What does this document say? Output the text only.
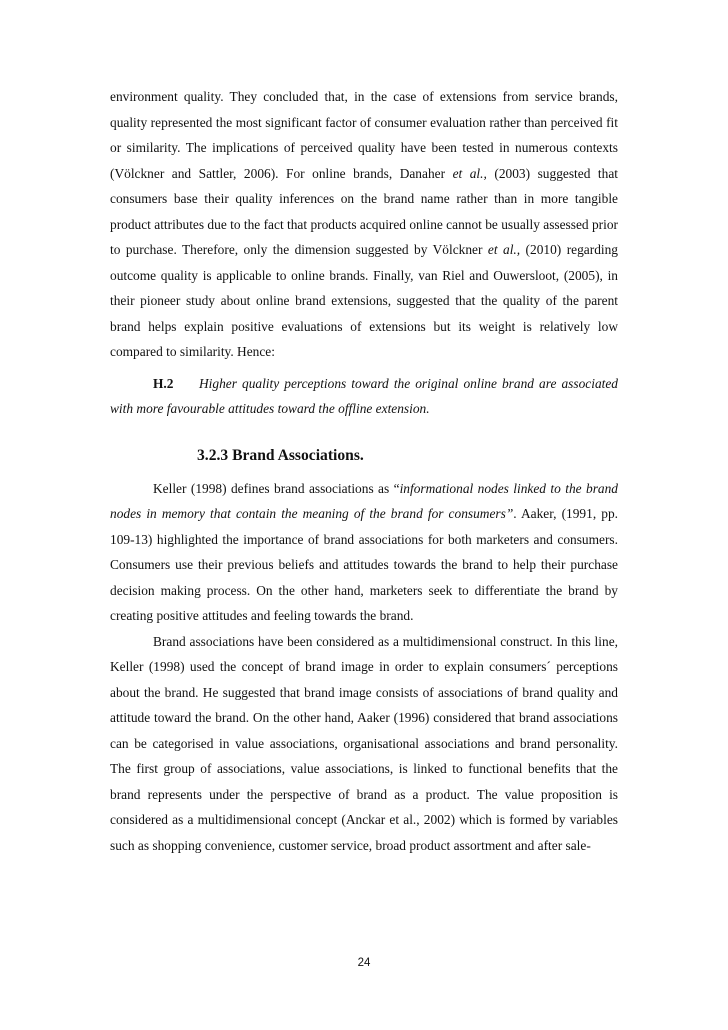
environment quality. They concluded that, in the case of extensions from service brands, quality represented the most significant factor of consumer evaluation rather than perceived fit or similarity. The implications of perceived quality have been tested in numerous contexts (Völckner and Sattler, 2006). For online brands, Danaher et al., (2003) suggested that consumers base their quality inferences on the brand name rather than in more tangible product attributes due to the fact that products acquired online cannot be usually assessed prior to purchase. Therefore, only the dimension suggested by Völckner et al., (2010) regarding outcome quality is applicable to online brands. Finally, van Riel and Ouwersloot, (2005), in their pioneer study about online brand extensions, suggested that the quality of the parent brand helps explain positive evaluations of extensions but its weight is relatively low compared to similarity. Hence:

H.2 Higher quality perceptions toward the original online brand are associated with more favourable attitudes toward the offline extension.

3.2.3 Brand Associations.

Keller (1998) defines brand associations as “informational nodes linked to the brand nodes in memory that contain the meaning of the brand for consumers”. Aaker, (1991, pp. 109-13) highlighted the importance of brand associations for both marketers and consumers. Consumers use their previous beliefs and attitudes towards the brand to help their purchase decision making process. On the other hand, marketers seek to differentiate the brand by creating positive attitudes and feeling towards the brand.

Brand associations have been considered as a multidimensional construct. In this line, Keller (1998) used the concept of brand image in order to explain consumers´ perceptions about the brand. He suggested that brand image consists of associations of brand quality and attitude toward the brand. On the other hand, Aaker (1996) considered that brand associations can be categorised in value associations, organisational associations and brand personality. The first group of associations, value associations, is linked to functional benefits that the brand represents under the perspective of brand as a product. The value proposition is considered as a multidimensional concept (Anckar et al., 2002) which is formed by variables such as shopping convenience, customer service, broad product assortment and after sale-

24
